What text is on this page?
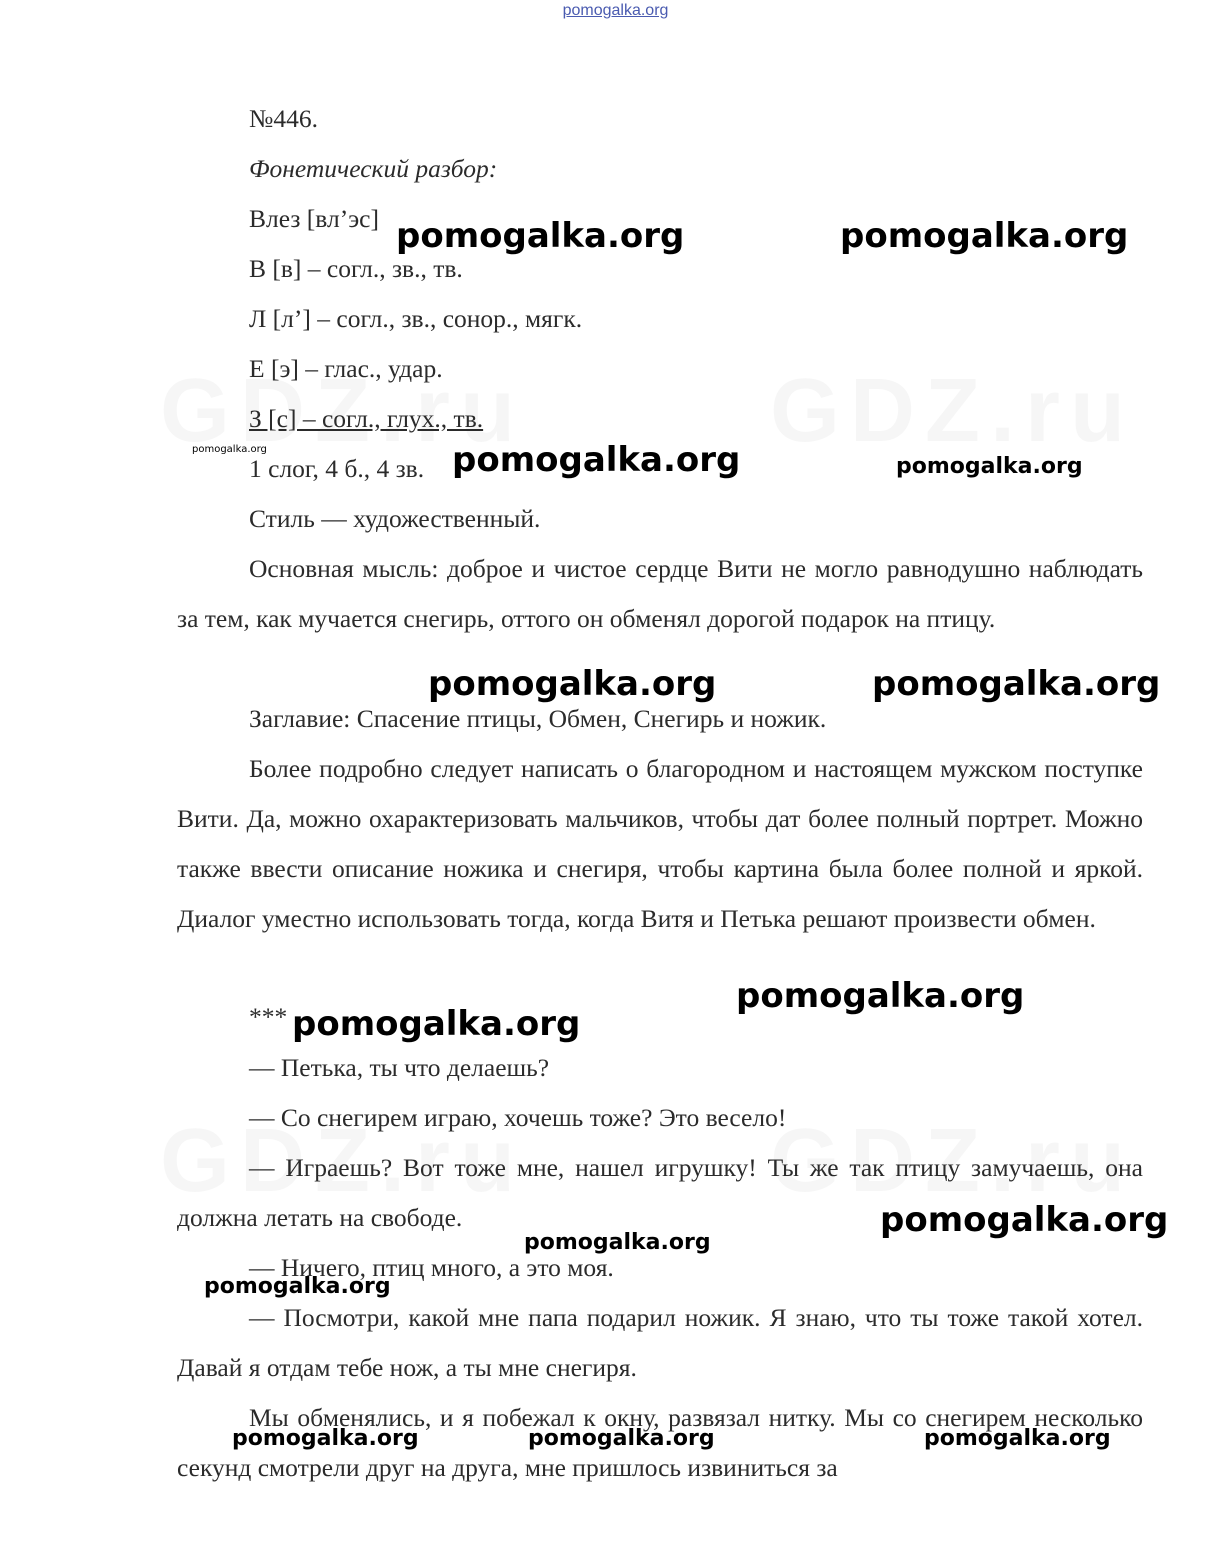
pomogalka.org
№446.
Фонетический разбор:
Влез [вл’эс]
В [в] – согл., зв., тв.
Л [л’] – согл., зв., сонор., мягк.
Е [э] – глас., удар.
З [с] – согл., глух., тв.
1 слог, 4 б., 4 зв.
Стиль — художественный.
Основная мысль: доброе и чистое сердце Вити не могло равнодушно наблюдать за тем, как мучается снегирь, оттого он обменял дорогой подарок на птицу.
Заглавие: Спасение птицы, Обмен, Снегирь и ножик.
Более подробно следует написать о благородном и настоящем мужском поступке Вити. Да, можно охарактеризовать мальчиков, чтобы дат более полный портрет. Можно также ввести описание ножика и снегиря, чтобы картина была более полной и яркой. Диалог уместно использовать тогда, когда Витя и Петька решают произвести обмен.
***
— Петька, ты что делаешь?
— Со снегирем играю, хочешь тоже? Это весело!
— Играешь? Вот тоже мне, нашел игрушку! Ты же так птицу замучаешь, она должна летать на свободе.
— Ничего, птиц много, а это моя.
— Посмотри, какой мне папа подарил ножик. Я знаю, что ты тоже такой хотел. Давай я отдам тебе нож, а ты мне снегиря.
Мы обменялись, и я побежал к окну, развязал нитку. Мы со снегирем несколько секунд смотрели друг на друга, мне пришлось извиниться за
pomogalka.org	pomogalka.org
pomogalka.org	pomogalka.org	pomogalka.org
pomogalka.org	pomogalka.org
pomogalka.org
pomogalka.org
pomogalka.org
pomogalka.org
pomogalka.org
pomogalka.org	pomogalka.org	pomogalka.org
